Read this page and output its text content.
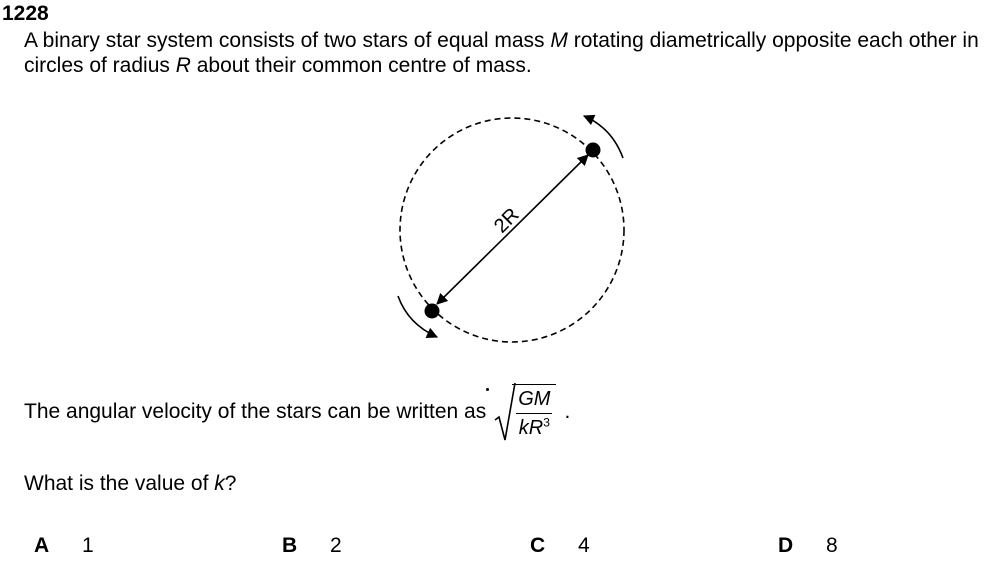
1228

A binary star system consists of two stars of equal mass M rotating diametrically opposite each other in circles of radius R about their common centre of mass.

2R
The angular velocity of the stars can be written as $\frac{GM}{kR^3}$ .
What is the value of k?
A	1	B	2	C	4	D	8
